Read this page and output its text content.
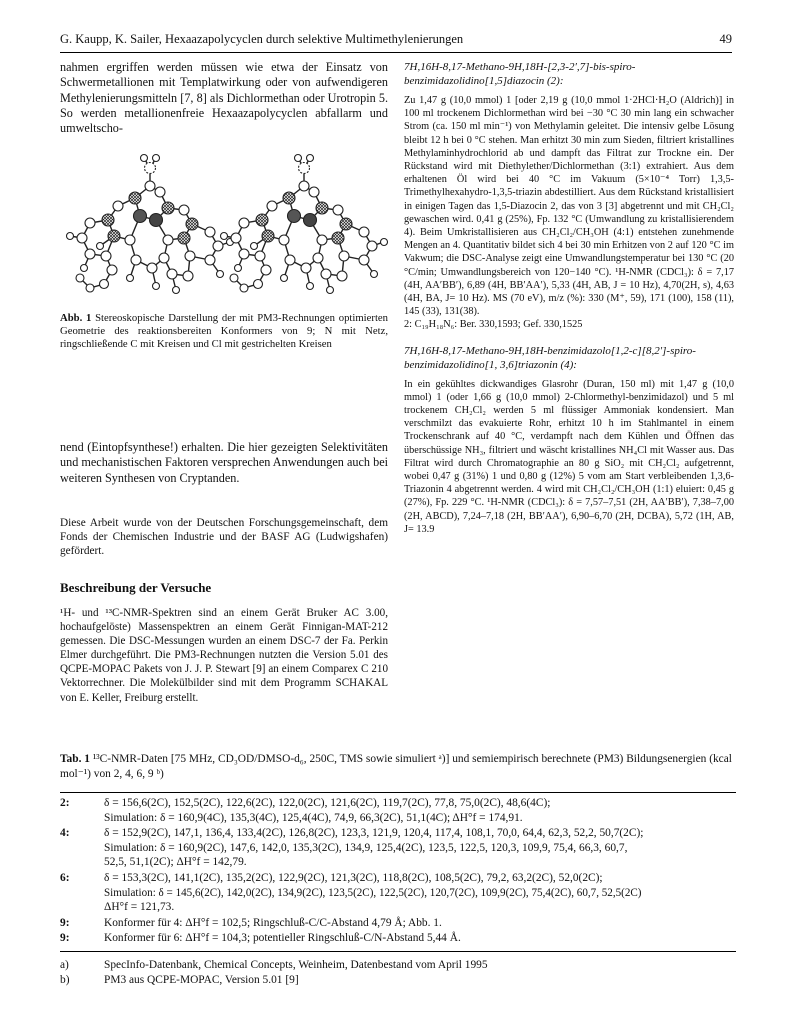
G. Kaupp, K. Sailer, Hexaazapolycyclen durch selektive Multimethylenierungen	49
nahmen ergriffen werden müssen wie etwa der Einsatz von Schwermetallionen mit Templatwirkung oder von aufwendigeren Methylenierungsmitteln [7, 8] als Dichlormethan oder Urotropin 5. So werden metallionenfreie Hexaazapolycyclen abfallarm und umweltscho-
Abb. 1 Stereoskopische Darstellung der mit PM3-Rechnungen optimierten Geometrie des reaktionsbereiten Konformers von 9; N mit Netz, ringschließende C mit Kreisen und Cl mit gestrichelten Kreisen
nend (Eintopfsynthese!) erhalten. Die hier gezeigten Selektivitäten und mechanistischen Faktoren versprechen Anwendungen auch bei weiteren Synthesen von Cryptanden.
Diese Arbeit wurde von der Deutschen Forschungsgemeinschaft, dem Fonds der Chemischen Industrie und der BASF AG (Ludwigshafen) gefördert.
Beschreibung der Versuche
¹H- und ¹³C-NMR-Spektren sind an einem Gerät Bruker AC 3.00, hochaufgelöste) Massenspektren an einem Gerät Finnigan-MAT-212 gemessen. Die DSC-Messungen wurden an einem DSC-7 der Fa. Perkin Elmer durchgeführt. Die PM3-Rechnungen nutzten die Version 5.01 des QCPE-MOPAC Pakets von J. J. P. Stewart [9] an einem Comparex C 210 Vektorrechner. Die Molekülbilder sind mit dem Programm SCHAKAL von E. Keller, Freiburg erstellt.

7H,16H-8,17-Methano-9H,18H-[2,3-2′,7]-bis-spiro-benzimidazolidino[1,5]diazocin (2):

Zu 1,47 g (10,0 mmol) 1 [oder 2,19 g (10,0 mmol 1·2HCl·H₂O (Aldrich)] in 100 ml trockenem Dichlormethan wird bei −30 °C 30 min lang ein schwacher Strom (ca. 150 ml min⁻¹) von Methylamin geleitet. Die intensiv gelbe Lösung bleibt 12 h bei 0 °C stehen. Man erhitzt 30 min zum Sieden, filtriert kristallines Methylaminhydrochlorid ab und dampft das Filtrat zur Trockne ein. Der Rückstand wird mit Diethylether/Dichlormethan (3:1) extrahiert. Aus dem erhaltenen Öl wird bei 40 °C im Vakuum (5×10⁻⁴ Torr) 1,3,5-Trimethylhexahydro-1,3,5-triazin abdestilliert. Aus dem Rückstand kristallisiert in einigen Tagen das 1,5-Diazocin 2, das von 3 [3] abgetrennt und mit CH₂Cl₂ gewaschen wird. 0,41 g (25%), Fp. 132 °C (Umwandlung zu kristallisierendem 4). Beim Umkristallisieren aus CH₂Cl₂/CH₃OH (4:1) entstehen zunehmende Mengen an 4. Quantitativ bildet sich 4 bei 30 min Erhitzen von 2 auf 120 °C im Vakwum; die DSC-Analyse zeigt eine Umwandlungstemperatur bei 130 °C (20 °C/min; Umwandlungsbereich von 120−140 °C). ¹H-NMR (CDCl₃): δ = 7,17 (4H, AA′BB′), 6,89 (4H, BB′AA′), 5,33 (4H, AB, J = 10 Hz), 4,70(2H, s), 4,63 (4H, BA, J= 10 Hz). MS (70 eV), m/z (%): 330 (M⁺, 59), 171 (100), 158 (11), 145 (33), 131(38).

2: C₁₉H₁₈N₆: Ber. 330,1593; Gef. 330,1525

7H,16H-8,17-Methano-9H,18H-benzimidazolo[1,2-c][8,2′]-spiro-benzimidazolidino[1, 3,6]triazonin (4):

In ein gekühltes dickwandiges Glasrohr (Duran, 150 ml) mit 1,47 g (10,0 mmol) 1 (oder 1,66 g (10,0 mmol) 2-Chlormethyl-benzimidazol) und 5 ml trockenem CH₂Cl₂ werden 5 ml flüssiger Ammoniak kondensiert. Man verschmilzt das evakuierte Rohr, erhitzt 10 h im Stahlmantel in einem Trockenschrank auf 40 °C, verdampft nach dem Kühlen und Öffnen das überschüssige NH₃, filtriert und wäscht kristallines NH₄Cl mit Wasser aus. Das Filtrat wird durch Chromatographie an 80 g SiO₂ mit CH₂Cl₂ aufgetrennt, wobei 0,47 g (31%) 1 und 0,80 g (12%) 5 vom am Start verbleibenden 1,3,6-Triazonin 4 abgetrennt werden. 4 wird mit CH₂Cl₂/CH₃OH (1:1) eluiert: 0,45 g (27%), Fp. 229 °C. ¹H-NMR (CDCl₃): δ = 7,57–7,51 (2H, AA′BB′), 7,38–7,00 (2H, ABCD), 7,24–7,18 (2H, BB′AA′), 6,90–6,70 (2H, DCBA), 5,72 (1H, AB, J= 13.9

Tab. 1 ¹³C-NMR-Daten [75 MHz, CD₃OD/DMSO-d₆, 250C, TMS sowie simuliert ᵃ)] und semiempirisch berechnete (PM3) Bildungsenergien (kcal mol⁻¹) von 2, 4, 6, 9 ᵇ)
2:	δ = 156,6(2C), 152,5(2C), 122,6(2C), 122,0(2C), 121,6(2C), 119,7(2C), 77,8, 75,0(2C), 48,6(4C);
Simulation: δ = 160,9(4C), 135,3(4C), 125,4(4C), 74,9, 66,3(2C), 51,1(4C); ΔH°f = 174,91.
4:	δ = 152,9(2C), 147,1, 136,4, 133,4(2C), 126,8(2C), 123,3, 121,9, 120,4, 117,4, 108,1, 70,0, 64,4, 62,3, 52,2, 50,7(2C);
Simulation: δ = 160,9(2C), 147,6, 142,0, 135,3(2C), 134,9, 125,4(2C), 123,5, 122,5, 120,3, 109,9, 75,4, 66,3, 60,7,
52,5, 51,1(2C); ΔH°f = 142,79.
6:	δ = 153,3(2C), 141,1(2C), 135,2(2C), 122,9(2C), 121,3(2C), 118,8(2C), 108,5(2C), 79,2, 63,2(2C), 52,0(2C);
Simulation: δ = 145,6(2C), 142,0(2C), 134,9(2C), 123,5(2C), 122,5(2C), 120,7(2C), 109,9(2C), 75,4(2C), 60,7, 52,5(2C)
ΔH°f = 121,73.
9:	Konformer für 4: ΔH°f = 102,5; Ringschluß-C/C-Abstand 4,79 Å; Abb. 1.
9:	Konformer für 6: ΔH°f = 104,3; potentieller Ringschluß-C/N-Abstand 5,44 Å.
a)	SpecInfo-Datenbank, Chemical Concepts, Weinheim, Datenbestand vom April 1995
b)	PM3 aus QCPE-MOPAC, Version 5.01 [9]
